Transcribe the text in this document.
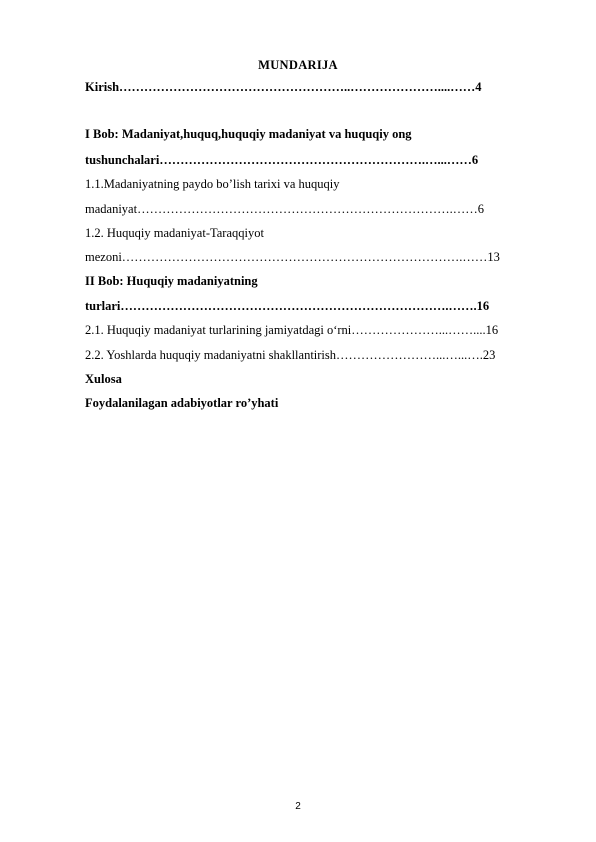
MUNDARIJA
Kirish………………………………………………..…………………....……4
I Bob: Madaniyat,huquq,huquqiy madaniyat va huquqiy ong
tushunchalari……………………………………………………….…...……6
1.1.Madaniyatning paydo bo’lish tarixi va huquqiy
madaniyat………………………………………………………………….……6
1.2. Huquqiy madaniyat-Taraqqiyot
mezoni……………………………………………………………………….……13
II Bob: Huquqiy madaniyatning
turlari…………………………………………………………………….…….16
2.1. Huquqiy madaniyat turlarining jamiyatdagi o‘rni…………………...……....16
2.2. Yoshlarda huquqiy madaniyatni shakllantirish……………………...…...….23
Xulosa
Foydalanilagan adabiyotlar ro’yhati
2
